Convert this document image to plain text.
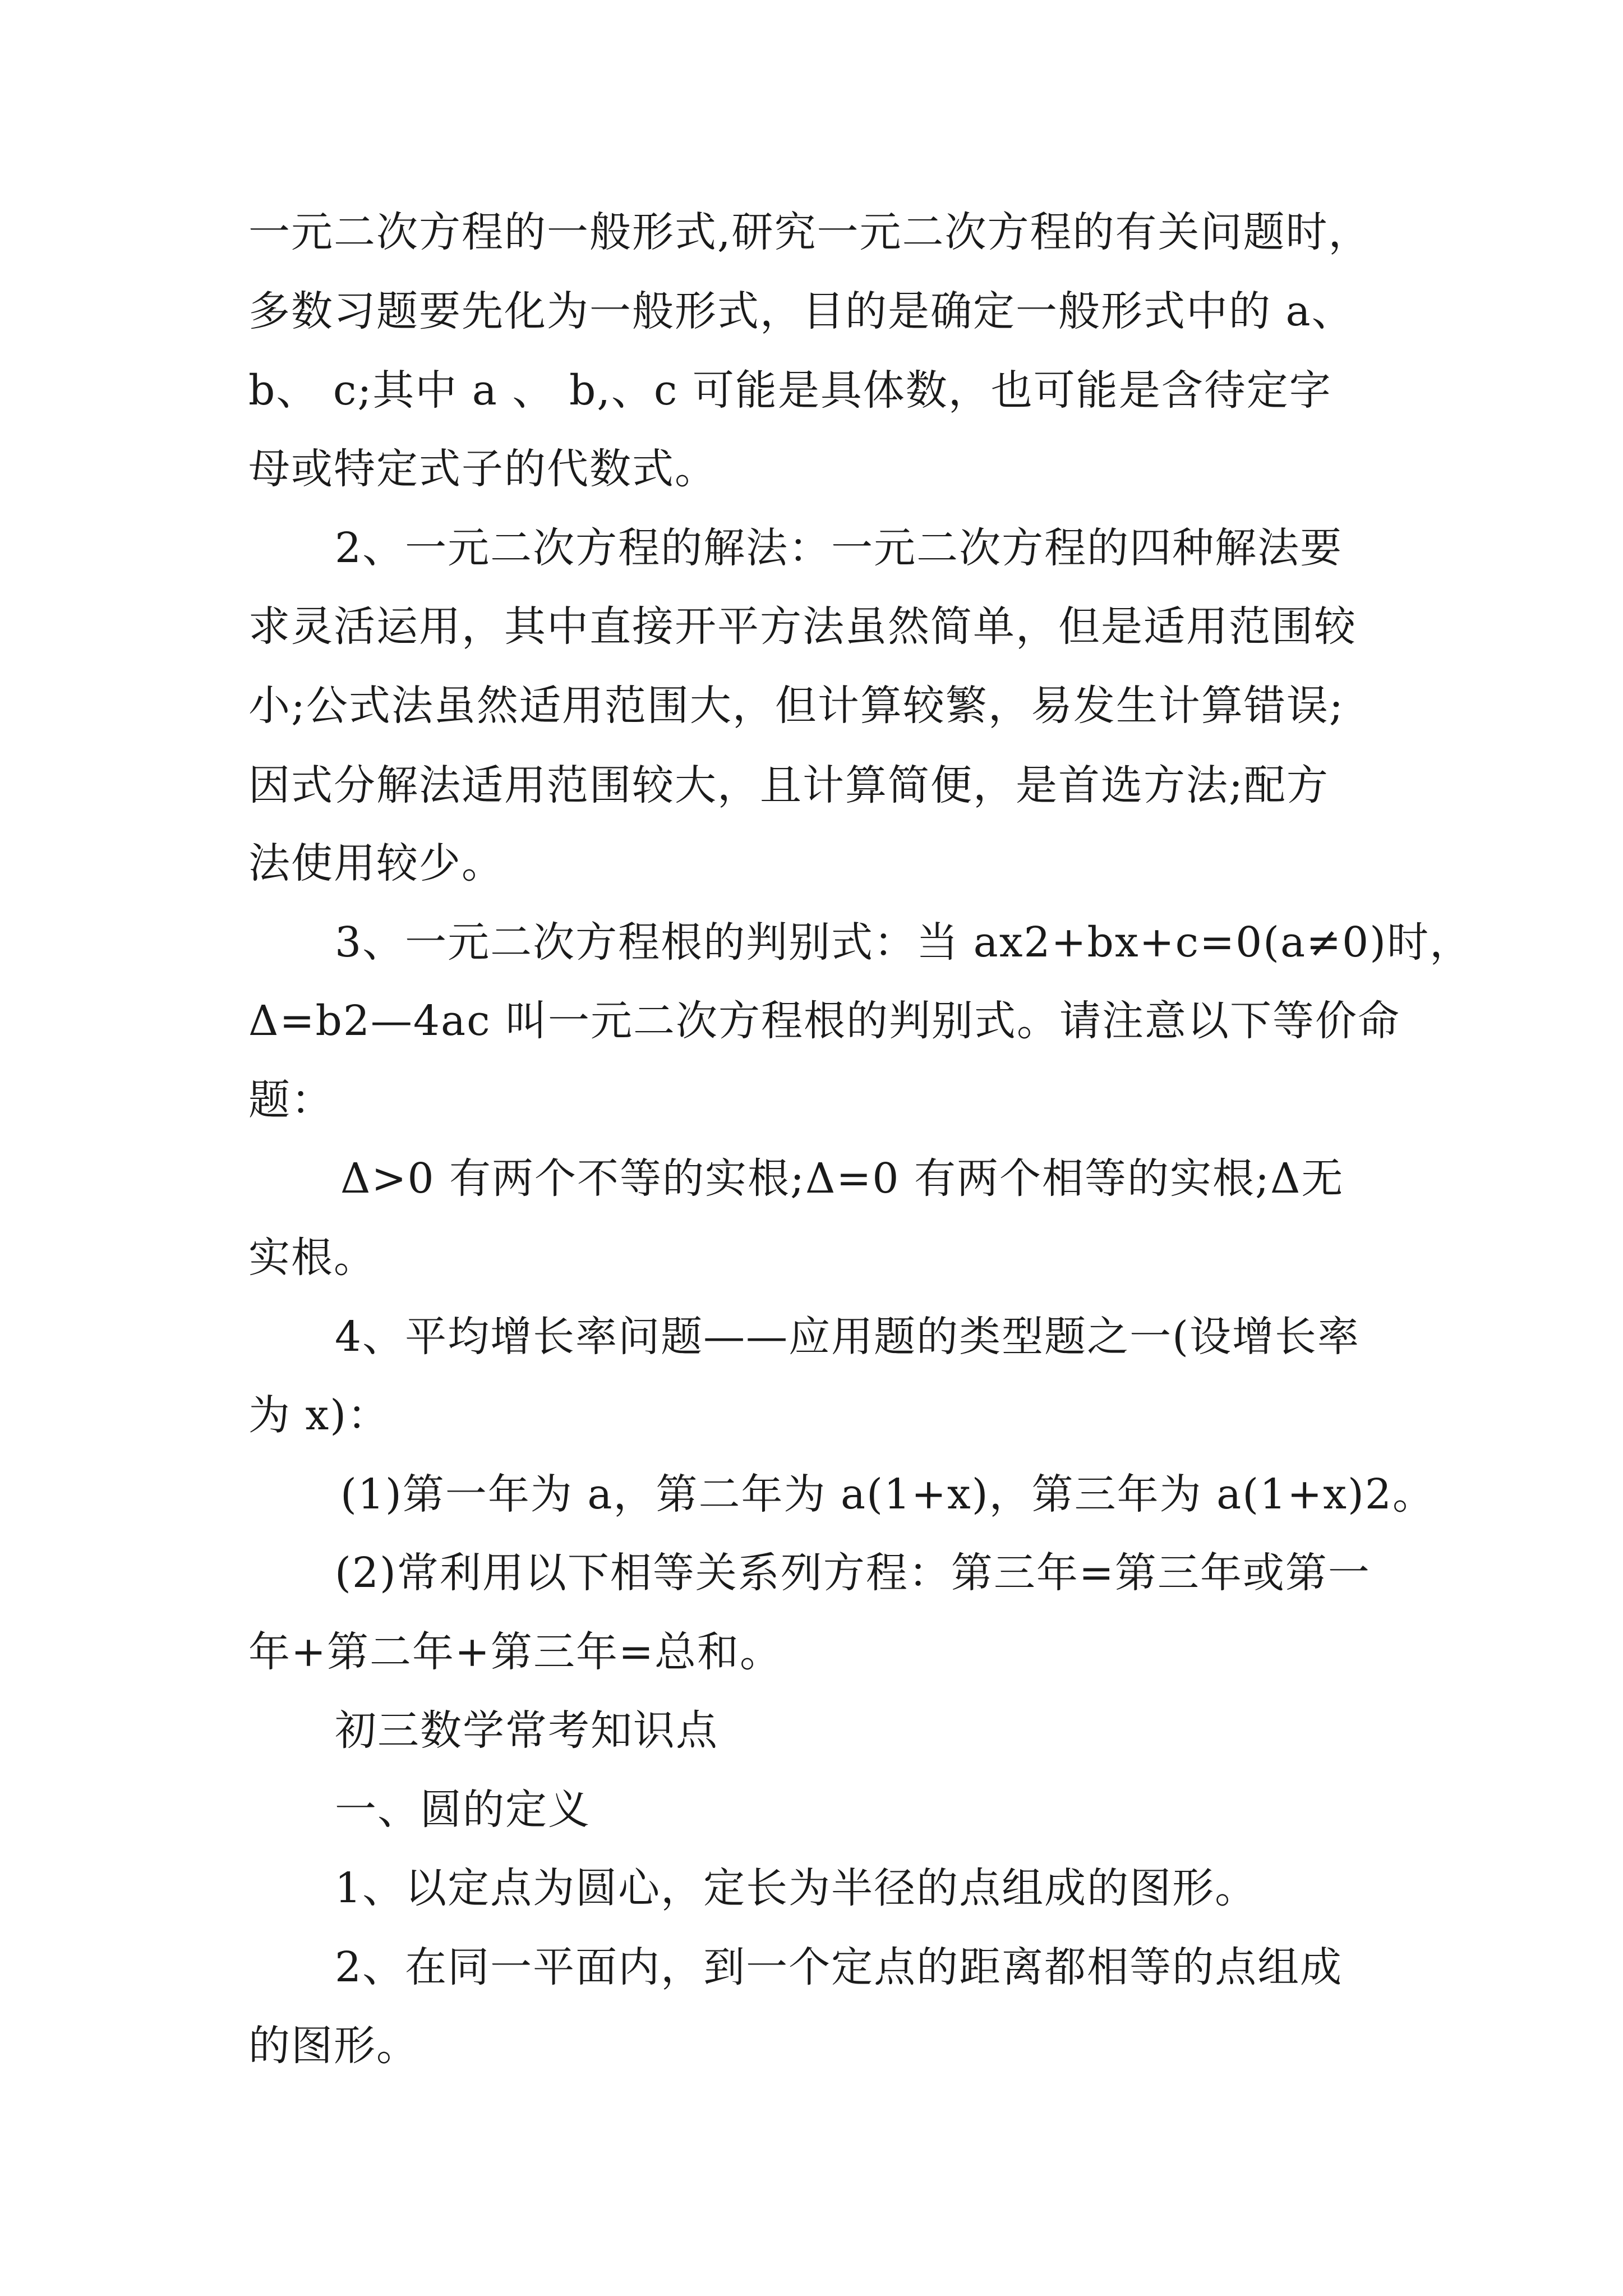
一元二次方程的一般形式,研究一元二次方程的有关问题时，
多数习题要先化为一般形式，目的是确定一般形式中的 a、
b、 c;其中 a 、 b,、c 可能是具体数，也可能是含待定字
母或特定式子的代数式。
2、一元二次方程的解法：一元二次方程的四种解法要
求灵活运用，其中直接开平方法虽然简单，但是适用范围较
小;公式法虽然适用范围大，但计算较繁，易发生计算错误;
因式分解法适用范围较大，且计算简便，是首选方法;配方
法使用较少。
3、一元二次方程根的判别式：当 ax2+bx+c=0(a≠0)时，
Δ=b2—4ac 叫一元二次方程根的判别式。请注意以下等价命
题：
Δ>0 有两个不等的实根;Δ=0 有两个相等的实根;Δ无
实根。
4、平均增长率问题——应用题的类型题之一(设增长率
为 x)：
(1)第一年为 a，第二年为 a(1+x)，第三年为 a(1+x)2。
(2)常利用以下相等关系列方程：第三年=第三年或第一
年+第二年+第三年=总和。
初三数学常考知识点
一、圆的定义
1、以定点为圆心，定长为半径的点组成的图形。
2、在同一平面内，到一个定点的距离都相等的点组成
的图形。
